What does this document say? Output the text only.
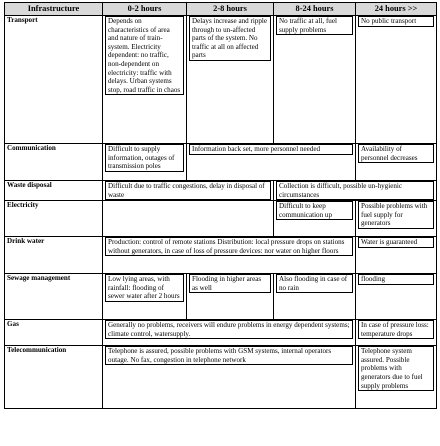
Infrastructure	0-2 hours	2-8 hours	8-24 hours	24 hours >>
Transport	Depends on characteristics of area and nature of train-system. Electricity dependent: no traffic, non-dependent on electricity: traffic with delays. Urban systems stop, road traffic in chaos	Delays increase and ripple through to un-affected parts of the system. No traffic at all on affected parts	No traffic at all, fuel supply problems	No public transport

Communication	Difficult to supply information, outages of transmission poles	Information back set, more personnel needed		Availability of personnel decreases

Waste disposal	Difficult due to traffic congestions, delay in disposal of waste		Collection is difficult, possible un-hygienic circumstances	

Electricity			Difficult to keep communication up	Possible problems with fuel supply for generators

Drink water	Production: control of remote stations Distribution: local pressure drops on stations without generators, in case of loss of pressure devices: nor water on higher floors			Water is guaranteed

Sewage management	Low lying areas, with rainfall: flooding of sewer water after 2 hours	Flooding in higher areas as well	Also flooding in case of no rain	flooding

Gas	Generally no problems, receivers will endure problems in energy dependent systems; climate control, watersupply.			In case of pressure loss: temperature drops

Telecommunication	Telephone is assured, possible problems with GSM systems, internal operators outage. No fax, congestion in telephone network			Telephone system assured. Possible problems with generators due to fuel supply problems
